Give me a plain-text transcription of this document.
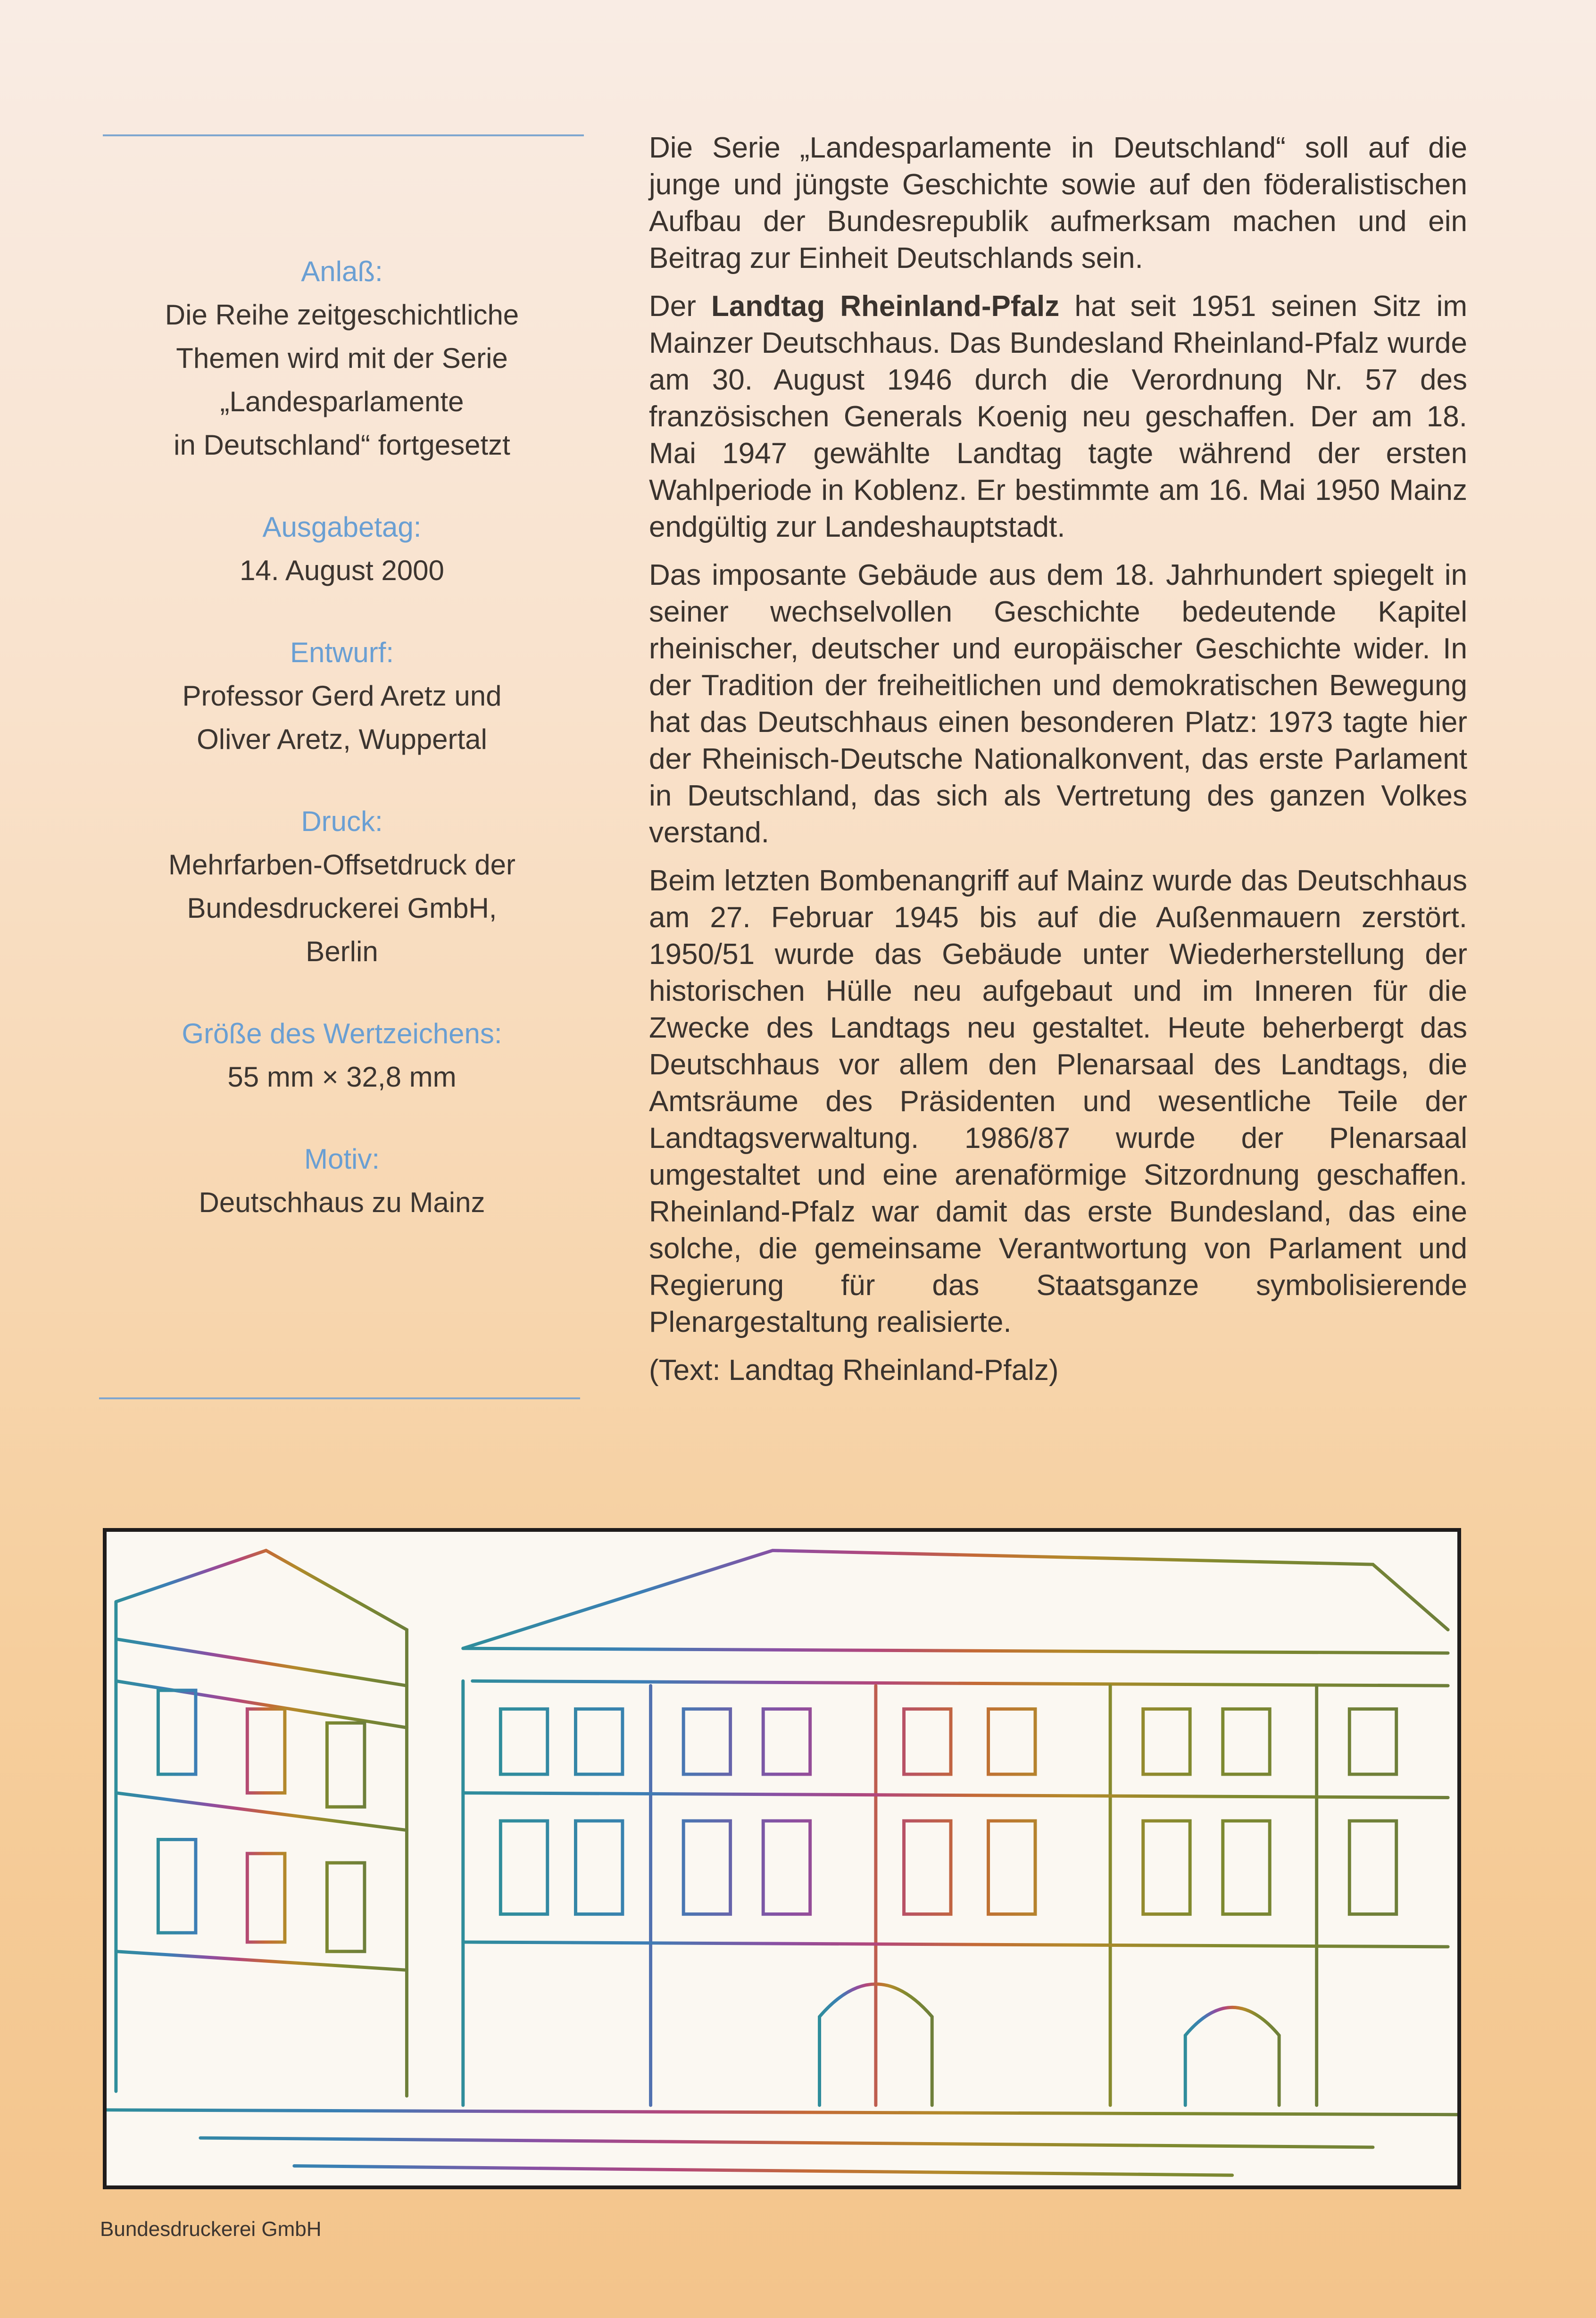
Anlaß:
Die Reihe zeitgeschichtliche
Themen wird mit der Serie
„Landesparlamente
in Deutschland“ fortgesetzt
Ausgabetag:
14. August 2000
Entwurf:
Professor Gerd Aretz und
Oliver Aretz, Wuppertal
Druck:
Mehrfarben-Offsetdruck der
Bundesdruckerei GmbH,
Berlin
Größe des Wertzeichens:
55 mm × 32,8 mm
Motiv:
Deutschhaus zu Mainz

Die Serie „Landesparlamente in Deutschland“ soll auf die junge und jüngste Geschichte sowie auf den föderalistischen Aufbau der Bundesrepublik aufmerksam machen und ein Beitrag zur Einheit Deutschlands sein.

Der Landtag Rheinland-Pfalz hat seit 1951 seinen Sitz im Mainzer Deutschhaus. Das Bundesland Rheinland-Pfalz wurde am 30. August 1946 durch die Verordnung Nr. 57 des französischen Generals Koenig neu geschaffen. Der am 18. Mai 1947 gewählte Landtag tagte während der ersten Wahlperiode in Koblenz. Er bestimmte am 16. Mai 1950 Mainz endgültig zur Landeshauptstadt.

Das imposante Gebäude aus dem 18. Jahrhundert spiegelt in seiner wechselvollen Geschichte bedeutende Kapitel rheinischer, deutscher und europäischer Geschichte wider. In der Tradition der freiheitlichen und demokratischen Bewegung hat das Deutschhaus einen besonderen Platz: 1973 tagte hier der Rheinisch-Deutsche Nationalkonvent, das erste Parlament in Deutschland, das sich als Vertretung des ganzen Volkes verstand.

Beim letzten Bombenangriff auf Mainz wurde das Deutschhaus am 27. Februar 1945 bis auf die Außenmauern zerstört. 1950/51 wurde das Gebäude unter Wiederherstellung der historischen Hülle neu aufgebaut und im Inneren für die Zwecke des Landtags neu gestaltet. Heute beherbergt das Deutschhaus vor allem den Plenarsaal des Landtags, die Amtsräume des Präsidenten und wesentliche Teile der Landtagsverwaltung. 1986/87 wurde der Plenarsaal umgestaltet und eine arenaförmige Sitzordnung geschaffen. Rheinland-Pfalz war damit das erste Bundesland, das eine solche, die gemeinsame Verantwortung von Parlament und Regierung für das Staatsganze symbolisierende Plenargestaltung realisierte.

(Text: Landtag Rheinland-Pfalz)

Bundesdruckerei GmbH
